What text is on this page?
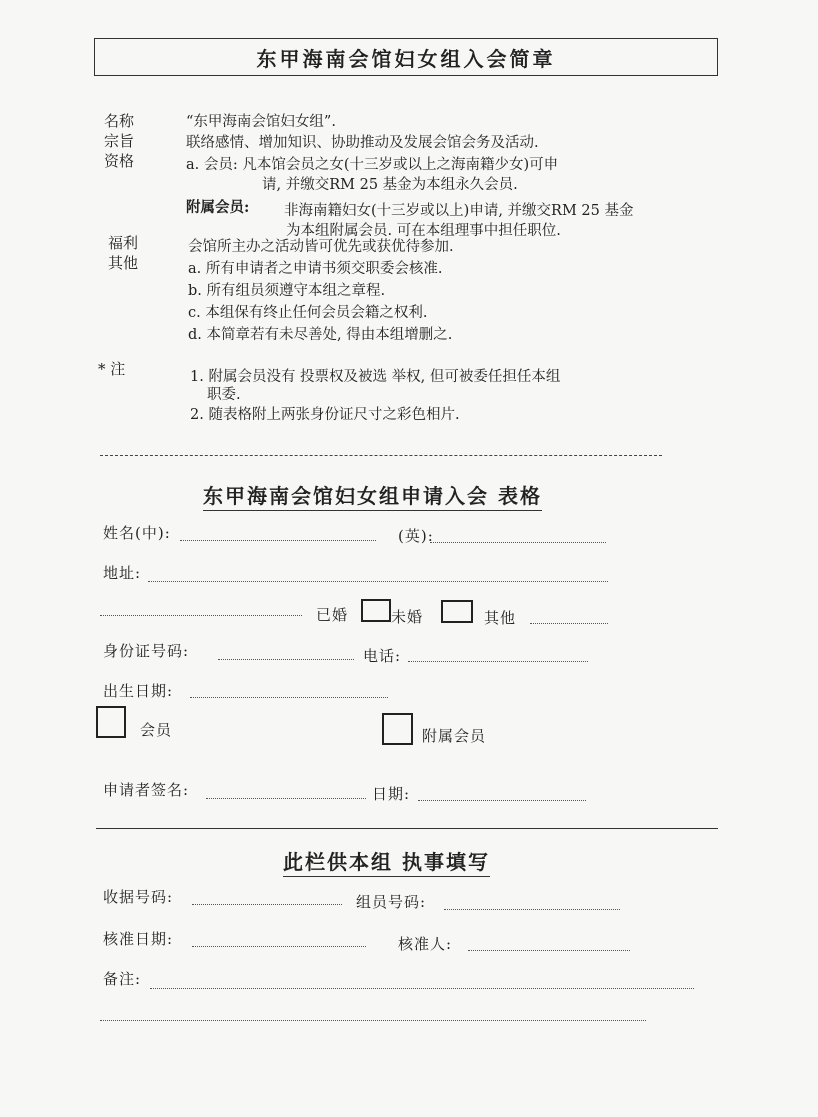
东甲海南会馆妇女组入会简章
名称	“东甲海南会馆妇女组”.
宗旨	联络感情、增加知识、协助推动及发展会馆会务及活动.
资格	a. 会员: 凡本馆会员之女(十三岁或以上之海南籍少女)可申
请, 并缴交RM 25 基金为本组永久会员.
附属会员: 非海南籍妇女(十三岁或以上)申请, 并缴交RM 25 基金
为本组附属会员. 可在本组理事中担任职位.
福利	会馆所主办之活动皆可优先或获优待参加.
其他	a. 所有申请者之申请书须交职委会核准.
b. 所有组员须遵守本组之章程.
c. 本组保有终止任何会员会籍之权利.
d. 本简章若有未尽善处, 得由本组增删之.
* 注	1. 附属会员没有 投票权及被选 举权, 但可被委任担任本组
职委.
2. 随表格附上两张身份证尺寸之彩色相片.
东甲海南会馆妇女组申请入会 表格
姓名(中):	(英):
地址:
已婚	未婚	其他
身份证号码:	电话:
出生日期:
会员	附属会员
申请者签名:	日期:
此栏供本组 执事填写
收据号码:	组员号码:
核准日期:	核准人:
备注:
